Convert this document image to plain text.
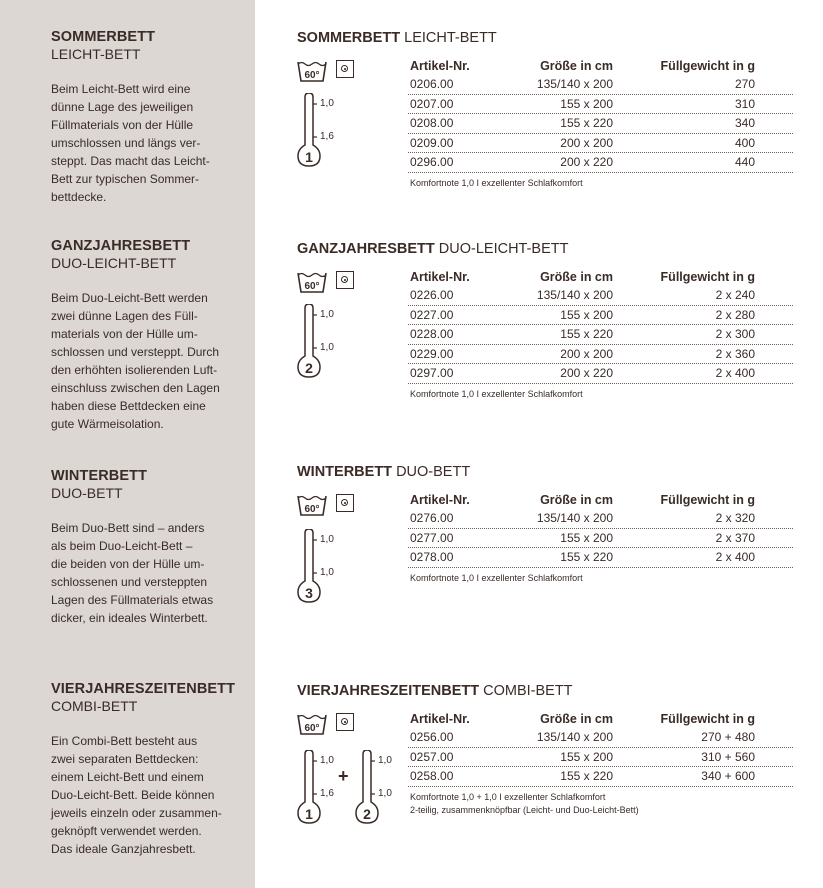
SOMMERBETT
LEICHT-BETT
Beim Leicht-Bett wird eine
dünne Lage des jeweiligen
Füllmaterials von der Hülle
umschlossen und längs ver-
steppt. Das macht das Leicht-
Bett zur typischen Sommer-
bettdecke.
GANZJAHRESBETT
DUO-LEICHT-BETT
Beim Duo-Leicht-Bett werden
zwei dünne Lagen des Füll-
materials von der Hülle um-
schlossen und versteppt. Durch
den erhöhten isolierenden Luft-
einschluss zwischen den Lagen
haben diese Bettdecken eine
gute Wärmeisolation.
WINTERBETT
DUO-BETT
Beim Duo-Bett sind – anders
als beim Duo-Leicht-Bett –
die beiden von der Hülle um-
schlossenen und versteppten
Lagen des Füllmaterials etwas
dicker, ein ideales Winterbett.
VIERJAHRESZEITENBETT
COMBI-BETT
Ein Combi-Bett besteht aus
zwei separaten Bettdecken:
einem Leicht-Bett und einem
Duo-Leicht-Bett. Beide können
jeweils einzeln oder zusammen-
geknöpft verwendet werden.
Das ideale Ganzjahresbett.
SOMMERBETT LEICHT-BETT
60°
1
1,0
1,6
Artikel-Nr.	Größe in cm	Füllgewicht in g
0206.00	135/140 x 200	270
0207.00	155 x 200	310
0208.00	155 x 220	340
0209.00	200 x 200	400
0296.00	200 x 220	440
Komfortnote 1,0 I exzellenter Schlafkomfort
GANZJAHRESBETT DUO-LEICHT-BETT
60°
2
1,0
1,0
Artikel-Nr.	Größe in cm	Füllgewicht in g
0226.00	135/140 x 200	2 x 240
0227.00	155 x 200	2 x 280
0228.00	155 x 220	2 x 300
0229.00	200 x 200	2 x 360
0297.00	200 x 220	2 x 400
Komfortnote 1,0 I exzellenter Schlafkomfort
WINTERBETT DUO-BETT
60°
3
1,0
1,0
Artikel-Nr.	Größe in cm	Füllgewicht in g
0276.00	135/140 x 200	2 x 320
0277.00	155 x 200	2 x 370
0278.00	155 x 220	2 x 400
Komfortnote 1,0 I exzellenter Schlafkomfort
VIERJAHRESZEITENBETT COMBI-BETT
60°
1
1,0
1,6
+
2
1,0
1,0
Artikel-Nr.	Größe in cm	Füllgewicht in g
0256.00	135/140 x 200	270 + 480
0257.00	155 x 200	310 + 560
0258.00	155 x 220	340 + 600
Komfortnote 1,0 + 1,0 I exzellenter Schlafkomfort
2-teilig, zusammenknöpfbar (Leicht- und Duo-Leicht-Bett)
